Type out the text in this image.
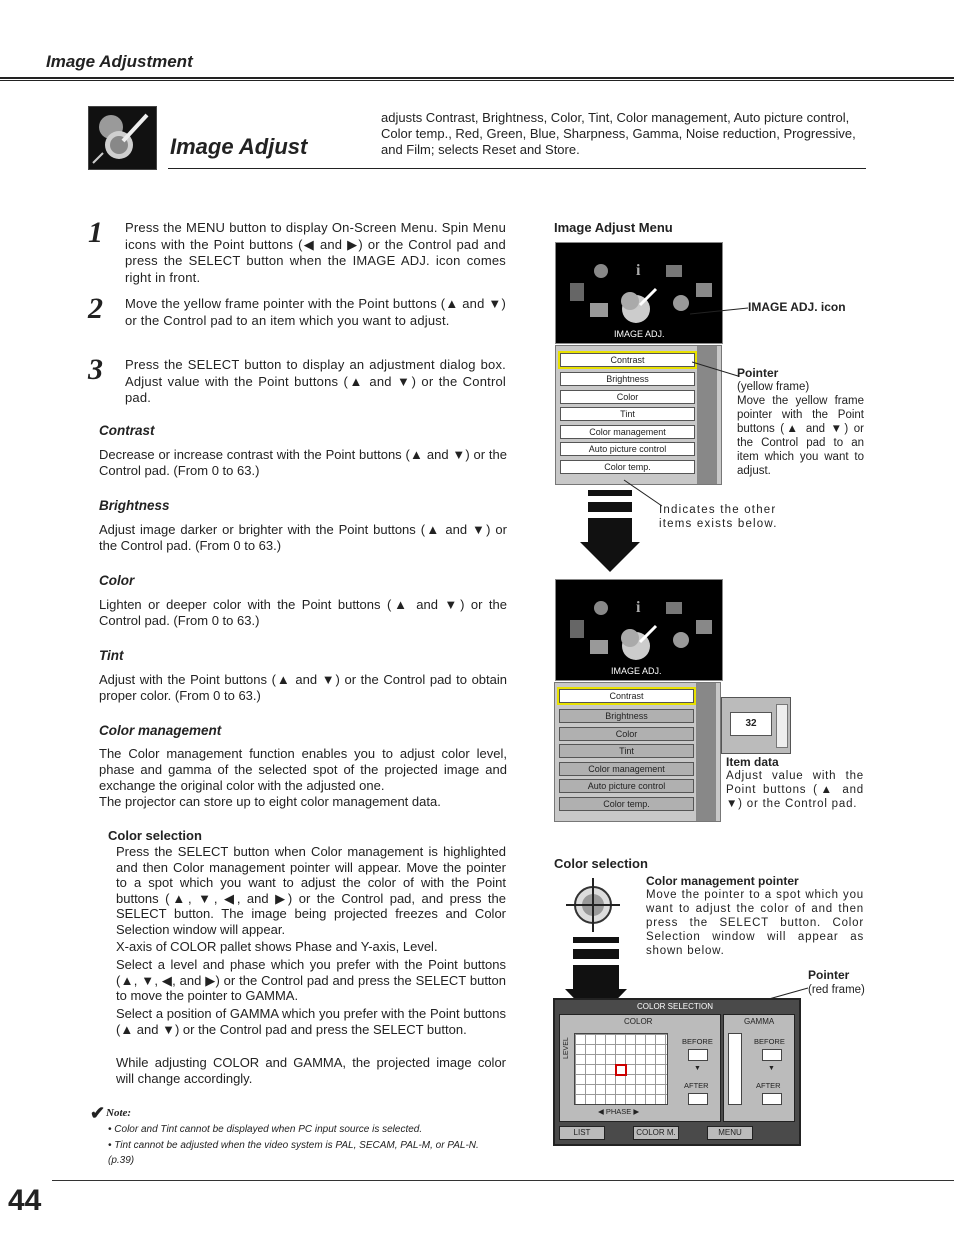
Image Adjustment
Image Adjust
adjusts Contrast, Brightness, Color, Tint, Color management, Auto picture control, Color temp., Red, Green, Blue, Sharpness, Gamma, Noise reduction, Progressive, and Film; selects Reset and Store.
1 Press the MENU button to display On-Screen Menu. Spin Menu icons with the Point buttons (◀ and ▶) or the Control pad and press the SELECT button when the IMAGE ADJ. icon comes right in front.
2 Move the yellow frame pointer with the Point buttons (▲ and ▼) or the Control pad to an item which you want to adjust.
3 Press the SELECT button to display an adjustment dialog box. Adjust value with the Point buttons (▲ and ▼) or the Control pad.
Contrast
Decrease or increase contrast with the Point buttons (▲ and ▼) or the Control pad. (From 0 to 63.)
Brightness
Adjust image darker or brighter with the Point buttons (▲ and ▼) or the Control pad. (From 0 to 63.)
Color
Lighten or deeper color with the Point buttons (▲ and ▼) or the Control pad. (From 0 to 63.)
Tint
Adjust with the Point buttons (▲ and ▼) or the Control pad to obtain proper color. (From 0 to 63.)
Color management
The Color management function enables you to adjust color level, phase and gamma of the selected spot of the projected image and exchange the original color with the adjusted one.
The projector can store up to eight color management data.
Color selection
Press the SELECT button when Color management is highlighted and then Color management pointer will appear. Move the pointer to a spot which you want to adjust the color of with the Point buttons (▲, ▼, ◀, and ▶) or the Control pad, and press the SELECT button. The image being projected freezes and Color Selection window will appear.
X-axis of COLOR pallet shows Phase and Y-axis, Level.
Select a level and phase which you prefer with the Point buttons (▲, ▼, ◀, and ▶) or the Control pad and press the SELECT button to move the pointer to GAMMA.
Select a position of GAMMA which you prefer with the Point buttons (▲ and ▼) or the Control pad and press the SELECT button.
While adjusting COLOR and GAMMA, the projected image color will change accordingly.
✔ Note:
• Color and Tint cannot be displayed when PC input source is selected.
• Tint cannot be adjusted when the video system is PAL, SECAM, PAL-M, or PAL-N. (p.39)
Image Adjust Menu
i
IMAGE ADJ.
Contrast
Brightness
Color
Tint
Color management
Auto picture control
Color temp.
IMAGE ADJ. icon
Pointer
(yellow frame)
Move the yellow frame pointer with the Point buttons (▲ and ▼) or the Control pad to an item which you want to adjust.
Indicates the other items exists below.
i
IMAGE ADJ.
Contrast
Brightness
Color
Tint
Color management
Auto picture control
Color temp.
32
Item data
Adjust value with the Point buttons (▲ and ▼) or the Control pad.
Color selection
Color management pointer
Move the pointer to a spot which you want to adjust the color of and then press the SELECT button. Color Selection window will appear as shown below.
Pointer
(red frame)
COLOR SELECTION
COLOR
LEVEL
◀ PHASE ▶
BEFORE
▼
AFTER
GAMMA
BEFORE
▼
AFTER
LIST	COLOR M.	MENU
44
